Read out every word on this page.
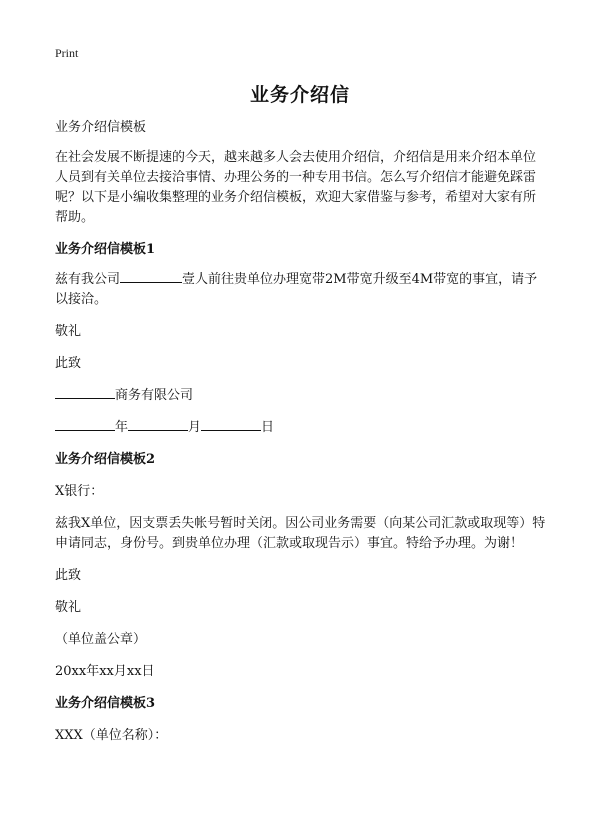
Print
业务介绍信

业务介绍信模板

在社会发展不断提速的今天，越来越多人会去使用介绍信，介绍信是用来介绍本单位人员到有关单位去接洽事情、办理公务的一种专用书信。怎么写介绍信才能避免踩雷呢？以下是小编收集整理的业务介绍信模板，欢迎大家借鉴与参考，希望对大家有所帮助。

业务介绍信模板1

兹有我公司	壹人前往贵单位办理宽带2M带宽升级至4M带宽的事宜，请予以接洽。

敬礼

此致

商务有限公司

年	月	日

业务介绍信模板2

X银行：

兹我X单位，因支票丢失帐号暂时关闭。因公司业务需要（向某公司汇款或取现等）特申请同志，身份号。到贵单位办理（汇款或取现告示）事宜。特给予办理。为谢！

此致

敬礼

（单位盖公章）

20xx年xx月xx日

业务介绍信模板3

XXX（单位名称）：
